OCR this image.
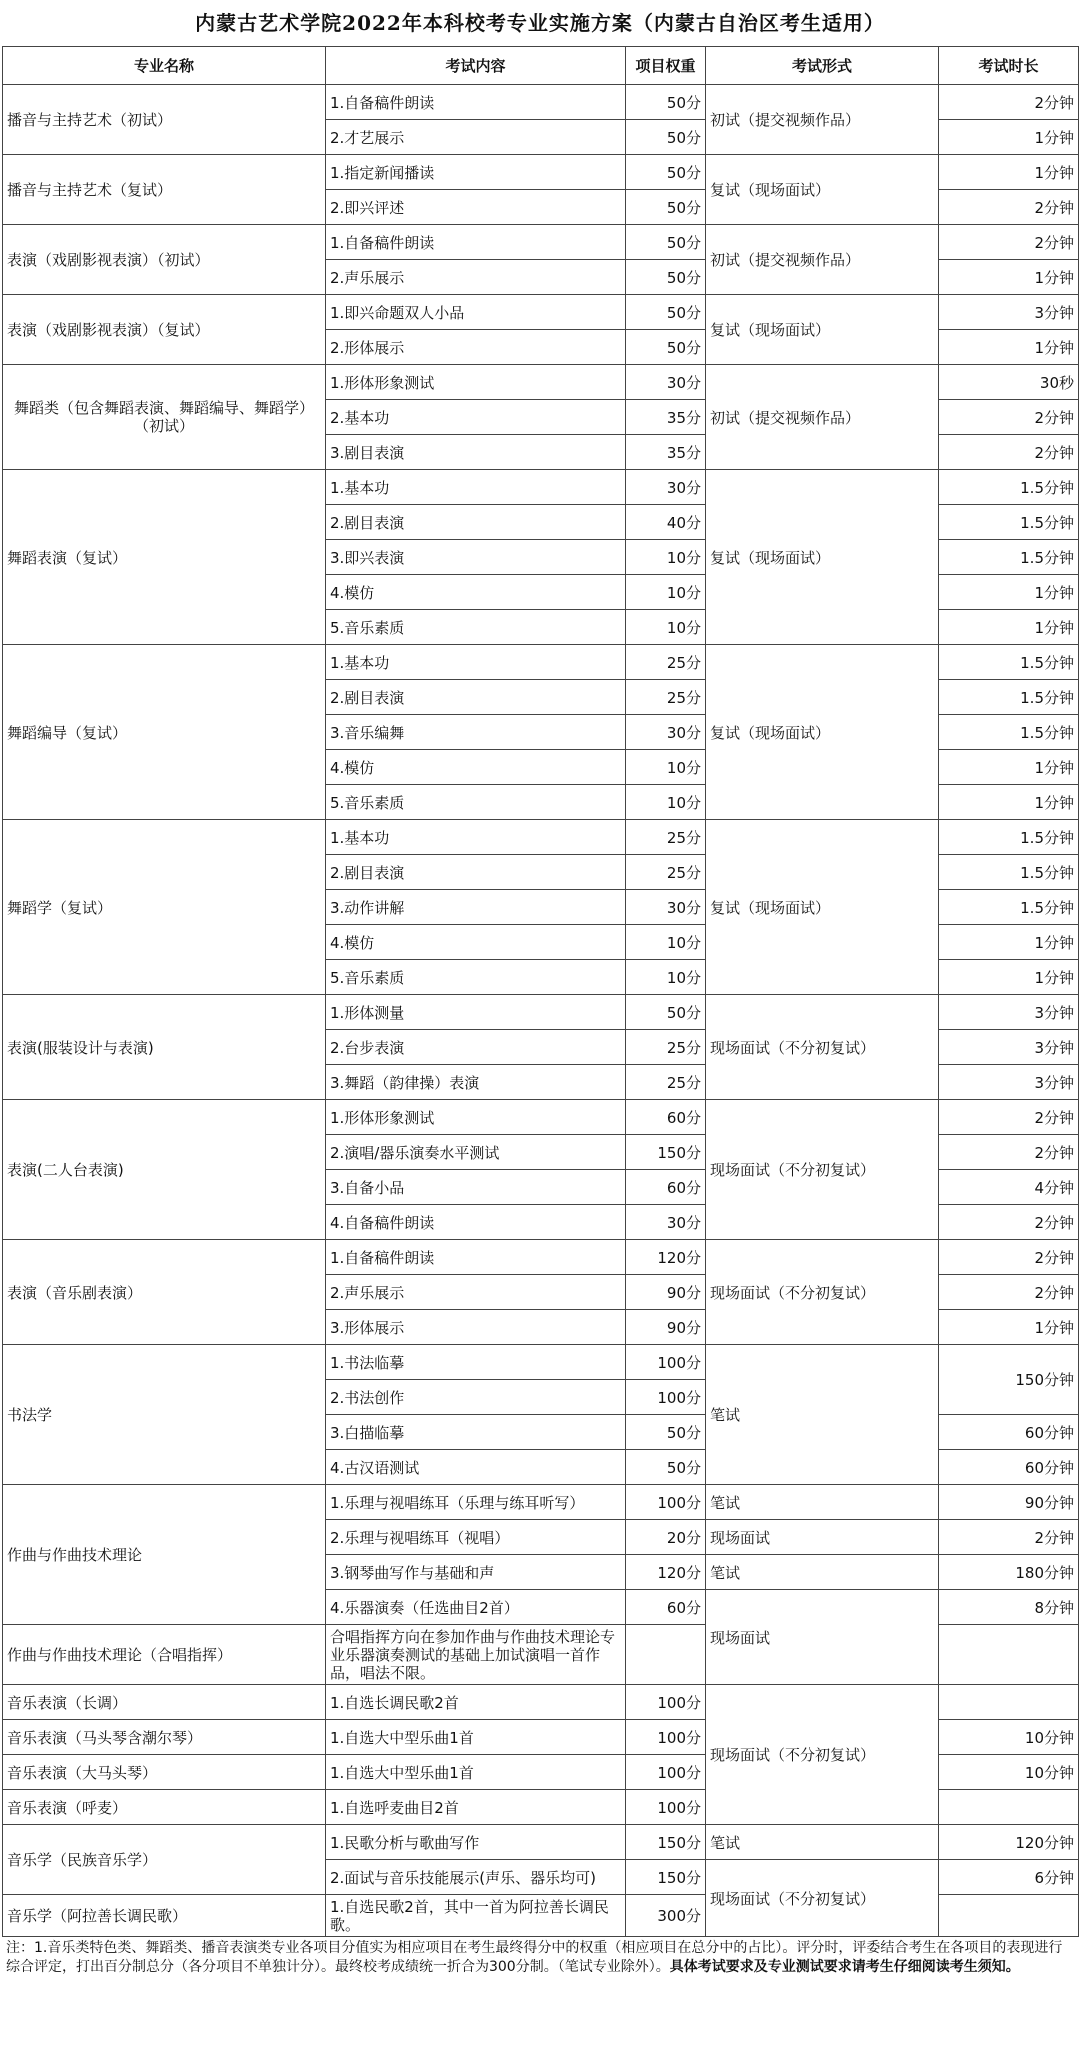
内蒙古艺术学院2022年本科校考专业实施方案（内蒙古自治区考生适用）
专业名称	考试内容	项目权重	考试形式	考试时长
播音与主持艺术（初试）	1.自备稿件朗读	50分	初试（提交视频作品）	2分钟
	2.才艺展示	50分		1分钟
播音与主持艺术（复试）	1.指定新闻播读	50分	复试（现场面试）	1分钟
	2.即兴评述	50分		2分钟
表演（戏剧影视表演）（初试）	1.自备稿件朗读	50分	初试（提交视频作品）	2分钟
	2.声乐展示	50分		1分钟
表演（戏剧影视表演）（复试）	1.即兴命题双人小品	50分	复试（现场面试）	3分钟
	2.形体展示	50分		1分钟
舞蹈类（包含舞蹈表演、舞蹈编导、舞蹈学）（初试）	1.形体形象测试	30分	初试（提交视频作品）	30秒
	2.基本功	35分		2分钟
	3.剧目表演	35分		2分钟
舞蹈表演（复试）	1.基本功	30分	复试（现场面试）	1.5分钟
	2.剧目表演	40分		1.5分钟
	3.即兴表演	10分		1.5分钟
	4.模仿	10分		1分钟
	5.音乐素质	10分		1分钟
舞蹈编导（复试）	1.基本功	25分	复试（现场面试）	1.5分钟
	2.剧目表演	25分		1.5分钟
	3.音乐编舞	30分		1.5分钟
	4.模仿	10分		1分钟
	5.音乐素质	10分		1分钟
舞蹈学（复试）	1.基本功	25分	复试（现场面试）	1.5分钟
	2.剧目表演	25分		1.5分钟
	3.动作讲解	30分		1.5分钟
	4.模仿	10分		1分钟
	5.音乐素质	10分		1分钟
表演(服装设计与表演)	1.形体测量	50分	现场面试（不分初复试）	3分钟
	2.台步表演	25分		3分钟
	3.舞蹈（韵律操）表演	25分		3分钟
表演(二人台表演)	1.形体形象测试	60分	现场面试（不分初复试）	2分钟
	2.演唱/器乐演奏水平测试	150分		2分钟
	3.自备小品	60分		4分钟
	4.自备稿件朗读	30分		2分钟
表演（音乐剧表演）	1.自备稿件朗读	120分	现场面试（不分初复试）	2分钟
	2.声乐展示	90分		2分钟
	3.形体展示	90分		1分钟
书法学	1.书法临摹	100分	笔试	150分钟
	2.书法创作	100分		
	3.白描临摹	50分		60分钟
	4.古汉语测试	50分		60分钟
作曲与作曲技术理论	1.乐理与视唱练耳（乐理与练耳听写）	100分	笔试	90分钟
	2.乐理与视唱练耳（视唱）	20分	现场面试	2分钟
	3.钢琴曲写作与基础和声	120分	笔试	180分钟
	4.乐器演奏（任选曲目2首）	60分	现场面试	8分钟
作曲与作曲技术理论（合唱指挥）	合唱指挥方向在参加作曲与作曲技术理论专业乐器演奏测试的基础上加试演唱一首作品，唱法不限。			
音乐表演（长调）	1.自选长调民歌2首	100分	现场面试（不分初复试）	
音乐表演（马头琴含潮尔琴）	1.自选大中型乐曲1首	100分		10分钟
音乐表演（大马头琴）	1.自选大中型乐曲1首	100分		10分钟
音乐表演（呼麦）	1.自选呼麦曲目2首	100分		
音乐学（民族音乐学）	1.民歌分析与歌曲写作	150分	笔试	120分钟
	2.面试与音乐技能展示(声乐、器乐均可)	150分	现场面试（不分初复试）	6分钟
音乐学（阿拉善长调民歌）	1.自选民歌2首，其中一首为阿拉善长调民歌。	300分		
注：1.音乐类特色类、舞蹈类、播音表演类专业各项目分值实为相应项目在考生最终得分中的权重（相应项目在总分中的占比）。评分时，评委结合考生在各项目的表现进行综合评定，打出百分制总分（各分项目不单独计分）。最终校考成绩统一折合为300分制。（笔试专业除外）。具体考试要求及专业测试要求请考生仔细阅读考生须知。
